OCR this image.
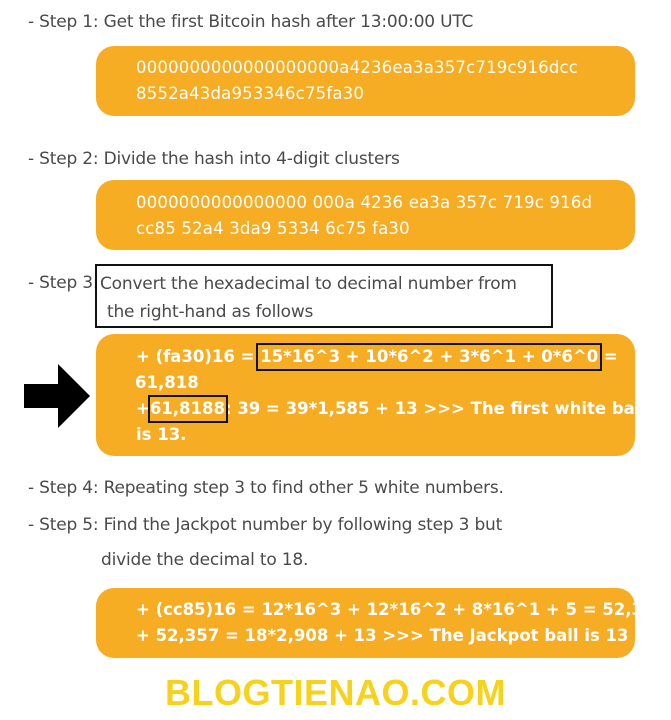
- Step 1: Get the first Bitcoin hash after 13:00:00 UTC
0000000000000000000a4236ea3a357c719c916dcc
8552a43da953346c75fa30
- Step 2: Divide the hash into 4-digit clusters
0000000000000000 000a 4236 ea3a 357c 719c 916d
cc85 52a4 3da9 5334 6c75 fa30
- Step 3: Convert the hexadecimal to decimal number from
the right-hand as follows
+ (fa30)16 = 15*16^3 + 10*6^2 + 3*6^1 + 0*6^0
=
61,818
+61,8188
: 39 = 39*1,585 + 13 >>> The first white ball
is 13.
- Step 4: Repeating step 3 to find other 5 white numbers.
- Step 5: Find the Jackpot number by following step 3 but
divide the decimal to 18.
+ (cc85)16 = 12*16^3 + 12*16^2 + 8*16^1 + 5 = 52,357
+ 52,357 = 18*2,908 + 13 >>> The Jackpot ball is 13
BLOGTIENAO.COM
